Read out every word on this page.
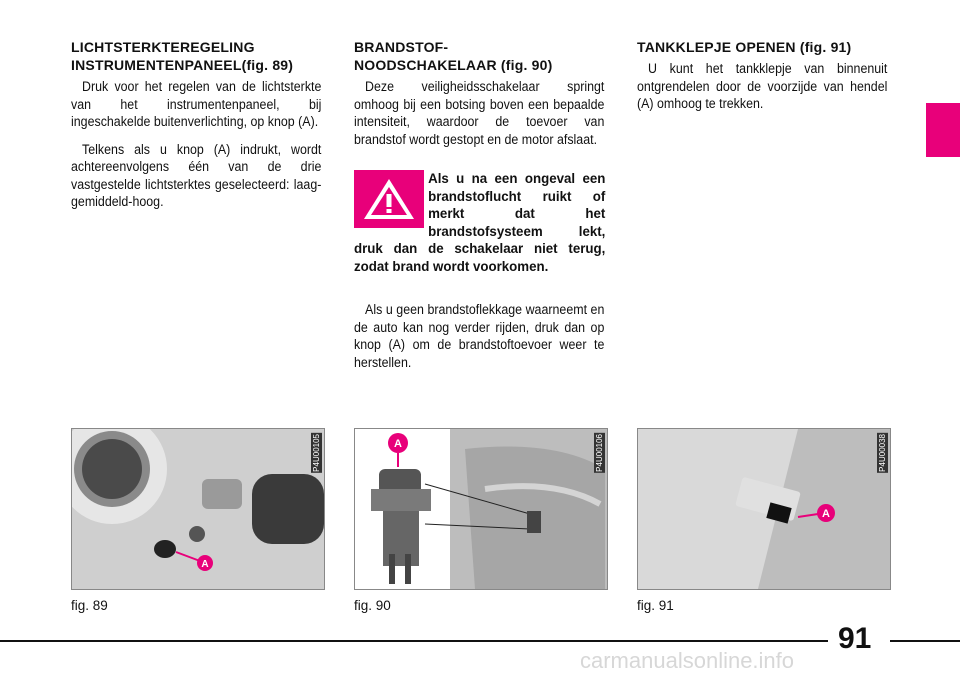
LICHTSTERKTEREGELING
INSTRUMENTENPANEEL(fig. 89)

Druk voor het regelen van de lichtsterkte van het instrumentenpaneel, bij ingeschakelde buitenverlichting, op knop (A).

Telkens als u knop (A) indrukt, wordt achtereenvolgens één van de drie vastgestelde lichtsterktes geselecteerd: laag-gemiddeld-hoog.

BRANDSTOF-
NOODSCHAKELAAR (fig. 90)

Deze veiligheidsschakelaar springt omhoog bij een botsing boven een bepaalde intensiteit, waardoor de toevoer van brandstof wordt gestopt en de motor afslaat.

Als u na een ongeval een brandstoflucht ruikt of merkt dat het brandstofsysteem lekt, druk dan de schakelaar niet terug, zodat brand wordt voorkomen.

Als u geen brandstoflekkage waarneemt en de auto kan nog verder rijden, druk dan op knop (A) om de brandstoftoevoer weer te herstellen.

TANKKLEPJE OPENEN (fig. 91)

U kunt het tankklepje van binnenuit ontgrendelen door de voorzijde van hendel (A) omhoog te trekken.

A
P4U00105
fig. 89
A	P4U00106
fig. 90
A
P4U00038
fig. 91
91
carmanualsonline.info
